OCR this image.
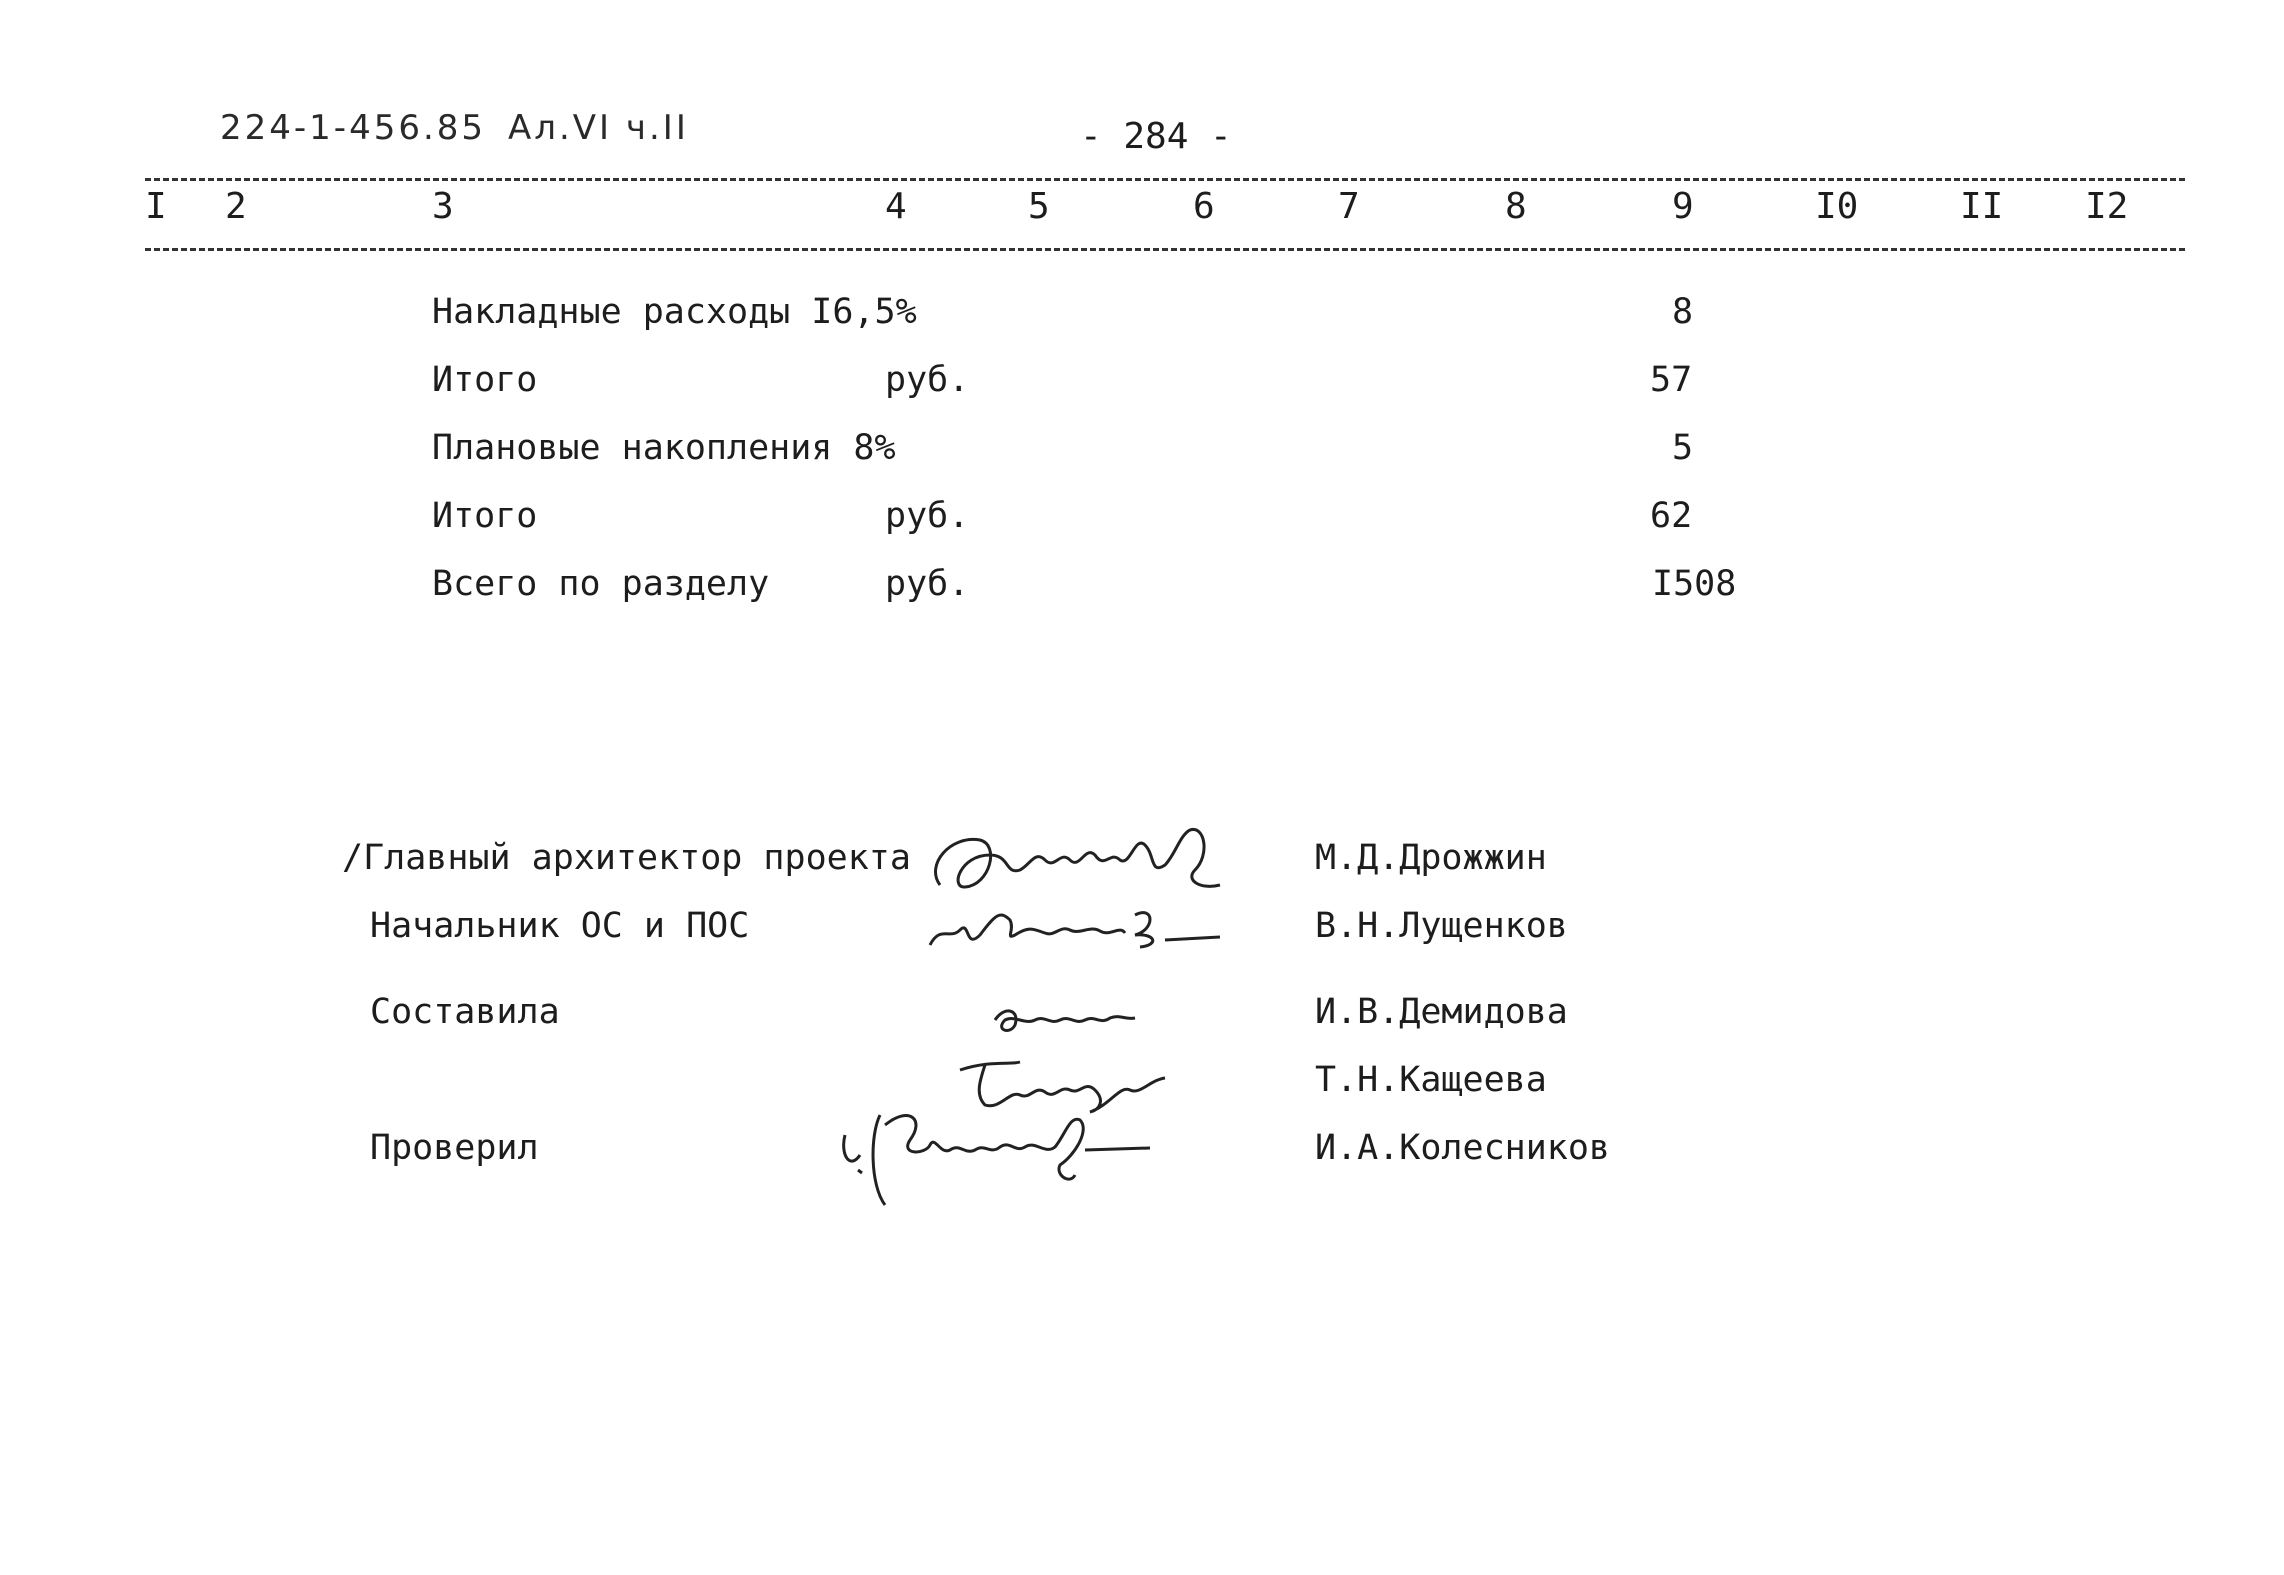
224-1-456.85 Ал.VI ч.II	- 284 -
I 2	3	4	5	6	7	8	9	I0	II I2
Накладные расходы I6,5%	8
Итого	руб.	57
Плановые накопления 8%	5
Итого	руб.	62
Всего по разделу	руб.	I508
/Главный архитектор проекта	М.Д.Дрожжин
Начальник ОС и ПОС	В.Н.Лущенков
Составила	И.В.Демидова
Т.Н.Кащеева
Проверил	И.А.Колесников
